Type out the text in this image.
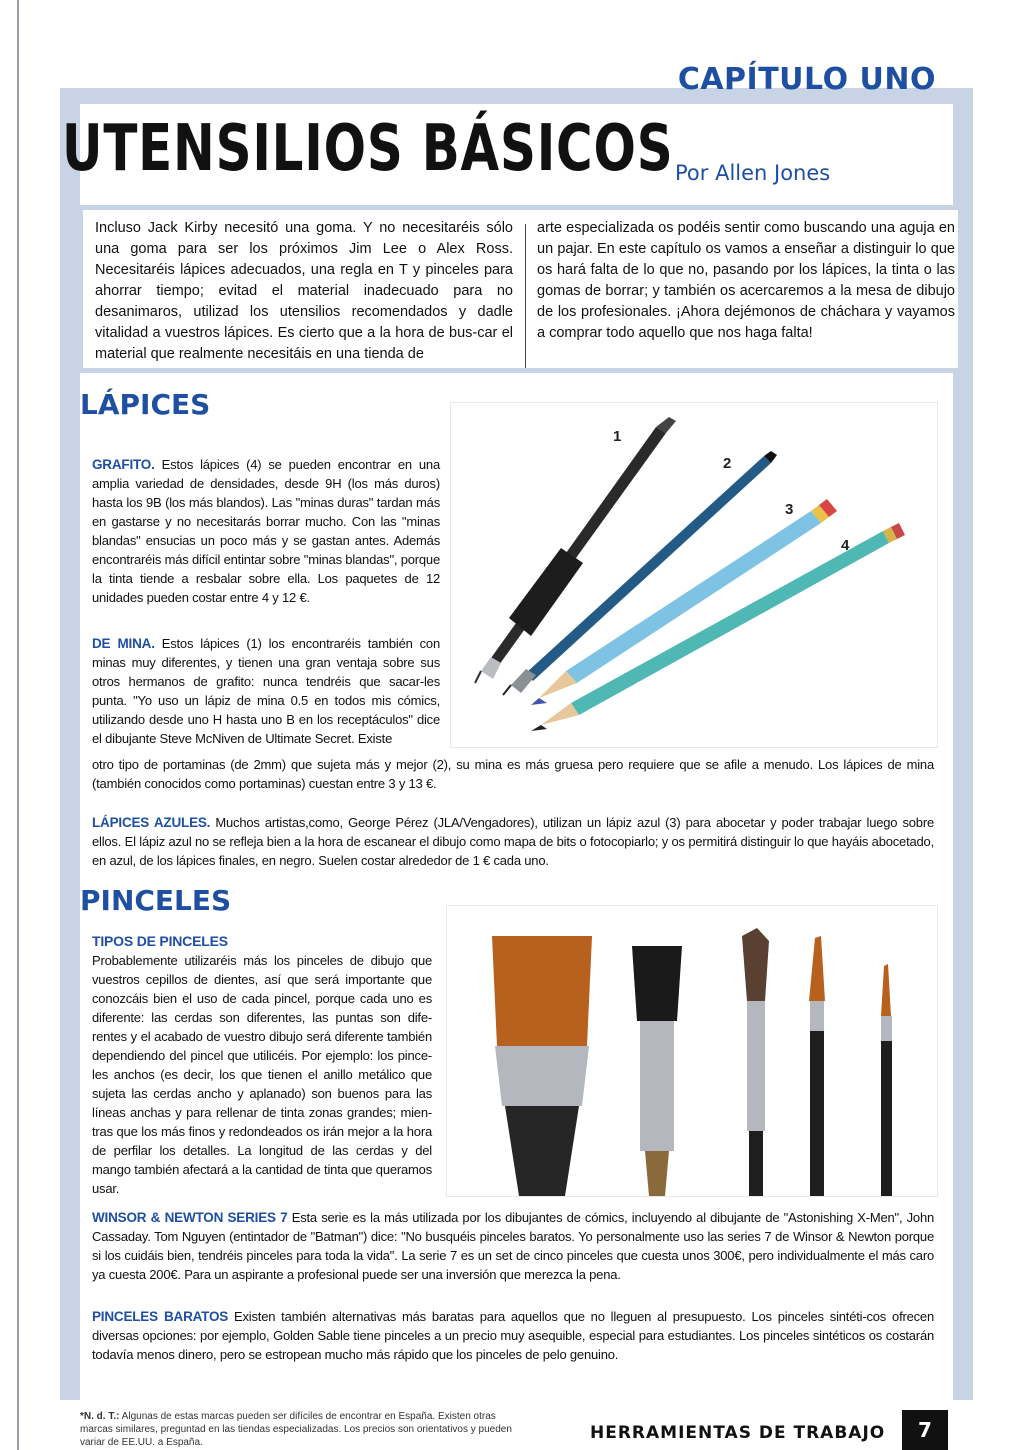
CAPÍTULO UNO
UTENSILIOS BÁSICOS Por Allen Jones
Incluso Jack Kirby necesitó una goma. Y no necesitaréis sólo una goma para ser los próximos Jim Lee o Alex Ross. Necesitaréis lápices adecuados, una regla en T y pinceles para ahorrar tiempo; evitad el material inadecuado para no desanimaros, utilizad los utensilios recomendados y dadle vitalidad a vuestros lápices. Es cierto que a la hora de bus-car el material que realmente necesitáis en una tienda de
arte especializada os podéis sentir como buscando una aguja en un pajar. En este capítulo os vamos a enseñar a distinguir lo que os hará falta de lo que no, pasando por los lápices, la tinta o las gomas de borrar; y también os acercaremos a la mesa de dibujo de los profesionales. ¡Ahora dejémonos de cháchara y vayamos a comprar todo aquello que nos haga falta!
LÁPICES
1
2
3
4
GRAFITO. Estos lápices (4) se pueden encontrar en una amplia variedad de densidades, desde 9H (los más duros) hasta los 9B (los más blandos). Las "minas duras" tardan más en gastarse y no necesitarás borrar mucho. Con las "minas blandas" ensucias un poco más y se gastan antes. Además encontraréis más difícil entintar sobre "minas blandas", porque la tinta tiende a resbalar sobre ella. Los paquetes de 12 unidades pueden costar entre 4 y 12 €.
DE MINA. Estos lápices (1) los encontraréis también con minas muy diferentes, y tienen una gran ventaja sobre sus otros hermanos de grafito: nunca tendréis que sacar-les punta. "Yo uso un lápiz de mina 0.5 en todos mis cómics, utilizando desde uno H hasta uno B en los receptáculos" dice el dibujante Steve McNiven de Ultimate Secret. Existe
otro tipo de portaminas (de 2mm) que sujeta más y mejor (2), su mina es más gruesa pero requiere que se afile a menudo. Los lápices de mina (también conocidos como portaminas) cuestan entre 3 y 13 €.
LÁPICES AZULES. Muchos artistas,como, George Pérez (JLA/Vengadores), utilizan un lápiz azul (3) para abocetar y poder trabajar luego sobre ellos. El lápiz azul no se refleja bien a la hora de escanear el dibujo como mapa de bits o fotocopiarlo; y os permitirá distinguir lo que hayáis abocetado, en azul, de los lápices finales, en negro. Suelen costar alrededor de 1 € cada uno.
PINCELES
TIPOS DE PINCELES
Probablemente utilizaréis más los pinceles de dibujo que vuestros cepillos de dientes, así que será importante que conozcáis bien el uso de cada pincel, porque cada uno es diferente: las cerdas son diferentes, las puntas son dife-rentes y el acabado de vuestro dibujo será diferente también dependiendo del pincel que utilicéis. Por ejemplo: los pince-les anchos (es decir, los que tienen el anillo metálico que sujeta las cerdas ancho y aplanado) son buenos para las líneas anchas y para rellenar de tinta zonas grandes; mien-tras que los más finos y redondeados os irán mejor a la hora de perfilar los detalles. La longitud de las cerdas y del mango también afectará a la cantidad de tinta que queramos usar.
WINSOR & NEWTON SERIES 7 Esta serie es la más utilizada por los dibujantes de cómics, incluyendo al dibujante de "Astonishing X-Men", John Cassaday. Tom Nguyen (entintador de "Batman") dice: "No busquéis pinceles baratos. Yo personalmente uso las series 7 de Winsor & Newton porque si los cuidáis bien, tendréis pinceles para toda la vida". La serie 7 es un set de cinco pinceles que cuesta unos 300€, pero individualmente el más caro ya cuesta 200€. Para un aspirante a profesional puede ser una inversión que merezca la pena.
PINCELES BARATOS Existen también alternativas más baratas para aquellos que no lleguen al presupuesto. Los pinceles sintéti-cos ofrecen diversas opciones: por ejemplo, Golden Sable tiene pinceles a un precio muy asequible, especial para estudiantes. Los pinceles sintéticos os costarán todavía menos dinero, pero se estropean mucho más rápido que los pinceles de pelo genuino.
*N. d. T.: Algunas de estas marcas pueden ser difíciles de encontrar en España. Existen otras marcas similares, preguntad en las tiendas especializadas. Los precios son orientativos y pueden variar de EE.UU. a España.	HERRAMIENTAS DE TRABAJO	7
